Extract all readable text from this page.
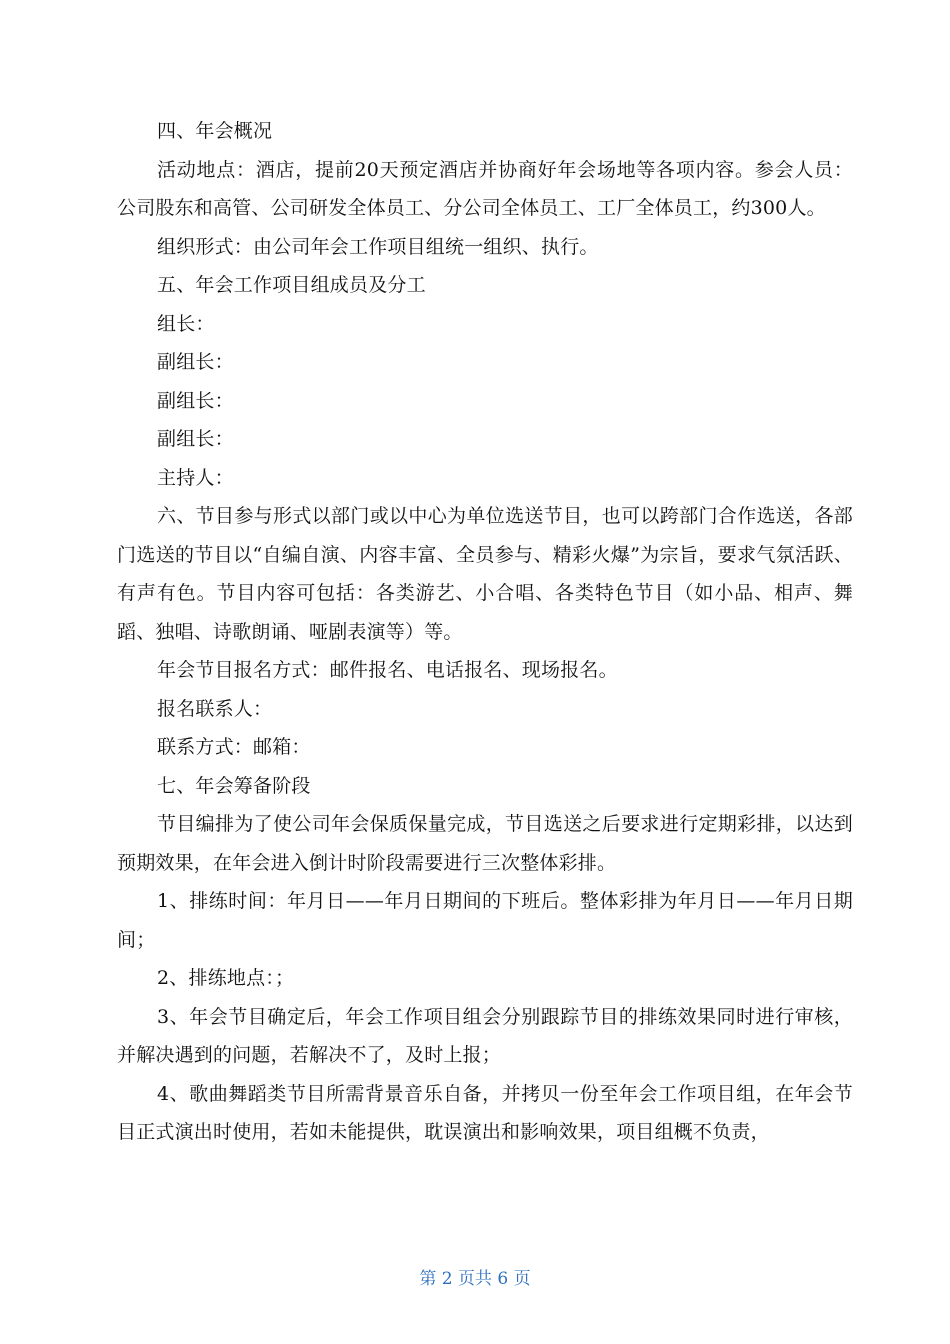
四、年会概况

活动地点：酒店，提前20天预定酒店并协商好年会场地等各项内容。参会人员：公司股东和高管、公司研发全体员工、分公司全体员工、工厂全体员工，约300人。

组织形式：由公司年会工作项目组统一组织、执行。

五、年会工作项目组成员及分工

组长：

副组长：

副组长：

副组长：

主持人：

六、节目参与形式以部门或以中心为单位选送节目，也可以跨部门合作选送，各部门选送的节目以“自编自演、内容丰富、全员参与、精彩火爆”为宗旨，要求气氛活跃、有声有色。节目内容可包括：各类游艺、小合唱、各类特色节目（如小品、相声、舞蹈、独唱、诗歌朗诵、哑剧表演等）等。

年会节目报名方式：邮件报名、电话报名、现场报名。

报名联系人：

联系方式：邮箱：

七、年会筹备阶段

节目编排为了使公司年会保质保量完成，节目选送之后要求进行定期彩排，以达到预期效果，在年会进入倒计时阶段需要进行三次整体彩排。

1、排练时间：年月日——年月日期间的下班后。整体彩排为年月日——年月日期间；

2、排练地点：；

3、年会节目确定后，年会工作项目组会分别跟踪节目的排练效果同时进行审核，并解决遇到的问题，若解决不了，及时上报；

4、歌曲舞蹈类节目所需背景音乐自备，并拷贝一份至年会工作项目组，在年会节目正式演出时使用，若如未能提供，耽误演出和影响效果，项目组概不负责，

第 2 页共 6 页
